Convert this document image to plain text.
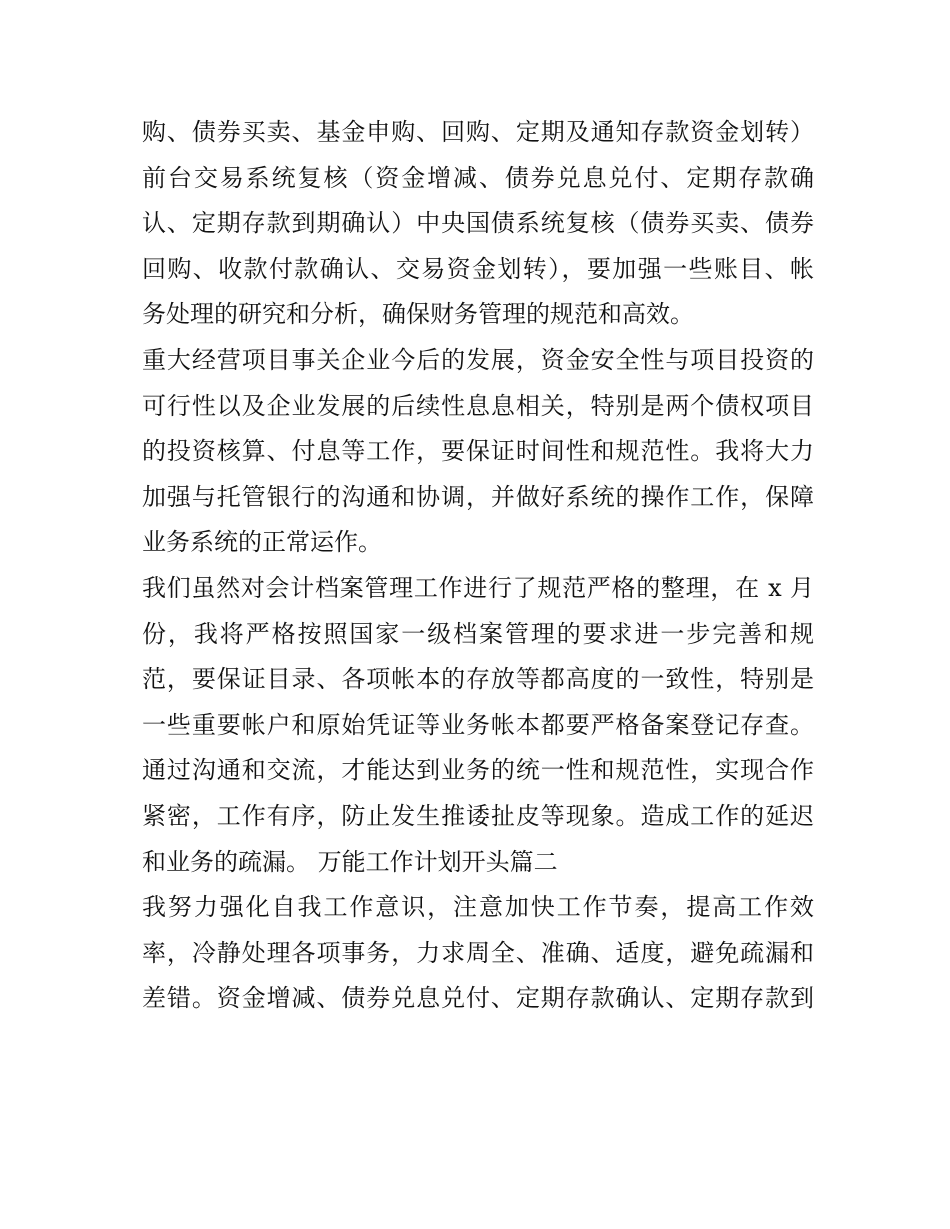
购、债券买卖、基金申购、回购、定期及通知存款资金划转）
前台交易系统复核（资金增减、债券兑息兑付、定期存款确
认、定期存款到期确认）中央国债系统复核（债券买卖、债券
回购、收款付款确认、交易资金划转），要加强一些账目、帐
务处理的研究和分析，确保财务管理的规范和高效。
重大经营项目事关企业今后的发展，资金安全性与项目投资的
可行性以及企业发展的后续性息息相关，特别是两个债权项目
的投资核算、付息等工作，要保证时间性和规范性。我将大力
加强与托管银行的沟通和协调，并做好系统的操作工作，保障
业务系统的正常运作。
我们虽然对会计档案管理工作进行了规范严格的整理，在 x 月
份，我将严格按照国家一级档案管理的要求进一步完善和规
范，要保证目录、各项帐本的存放等都高度的一致性，特别是
一些重要帐户和原始凭证等业务帐本都要严格备案登记存查。
通过沟通和交流，才能达到业务的统一性和规范性，实现合作
紧密，工作有序，防止发生推诿扯皮等现象。造成工作的延迟
和业务的疏漏。 万能工作计划开头篇二
我努力强化自我工作意识，注意加快工作节奏，提高工作效
率，冷静处理各项事务，力求周全、准确、适度，避免疏漏和
差错。资金增减、债券兑息兑付、定期存款确认、定期存款到
